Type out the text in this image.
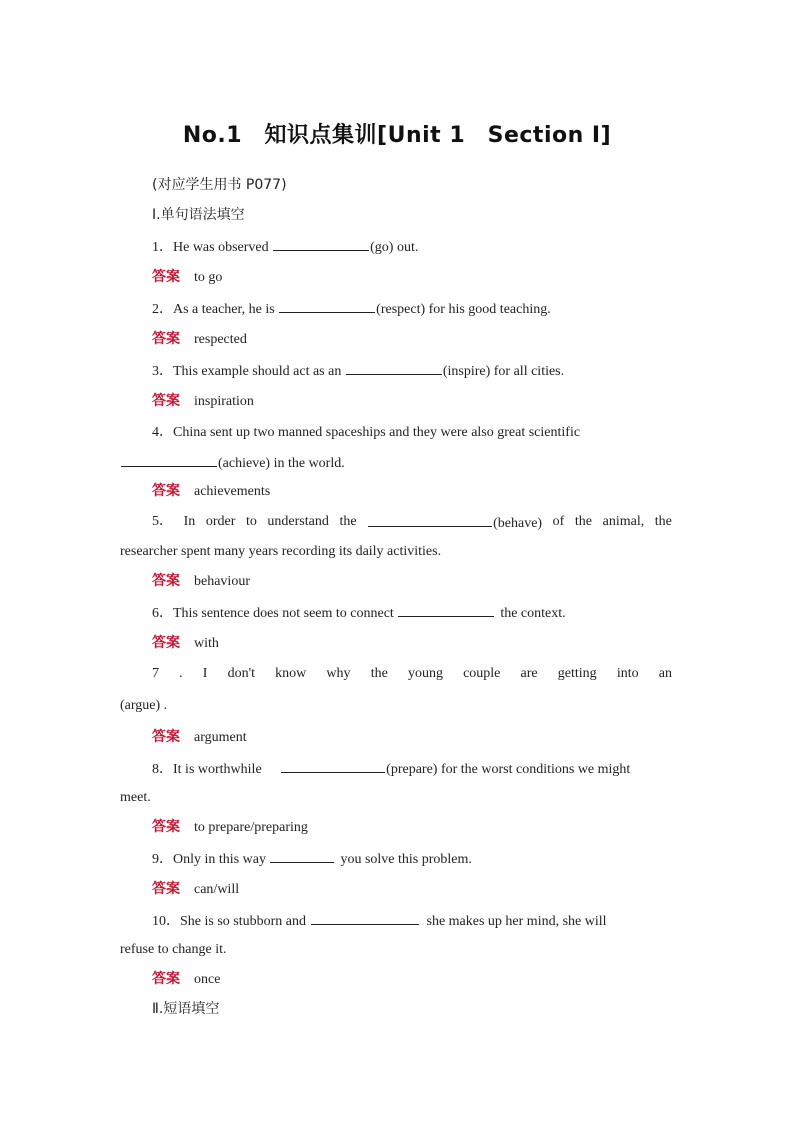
No.1　知识点集训[Unit 1　Section Ⅰ]
(对应学生用书 P077)
Ⅰ.单句语法填空
1．He was observed	(go) out.
答案 to go
2．As a teacher, he is	(respect) for his good teaching.
答案 respected
3．This example should act as an	(inspire) for all cities.
答案 inspiration
4．China sent up two manned spaceships and they were also great scientific
(achieve) in the world.
答案 achievements
5． In order to understand the	(behave) of the animal, the
researcher spent many years recording its daily activities.
答案 behaviour
6．This sentence does not seem to connect	the context.
答案 with
7 . I don't know why the young couple are getting into an
(argue) .
答案 argument
8．It is worthwhile	(prepare) for the worst conditions we might
meet.
答案 to prepare/preparing
9．Only in this way	you solve this problem.
答案 can/will
10．She is so stubborn and	she makes up her mind, she will
refuse to change it.
答案 once
Ⅱ.短语填空
